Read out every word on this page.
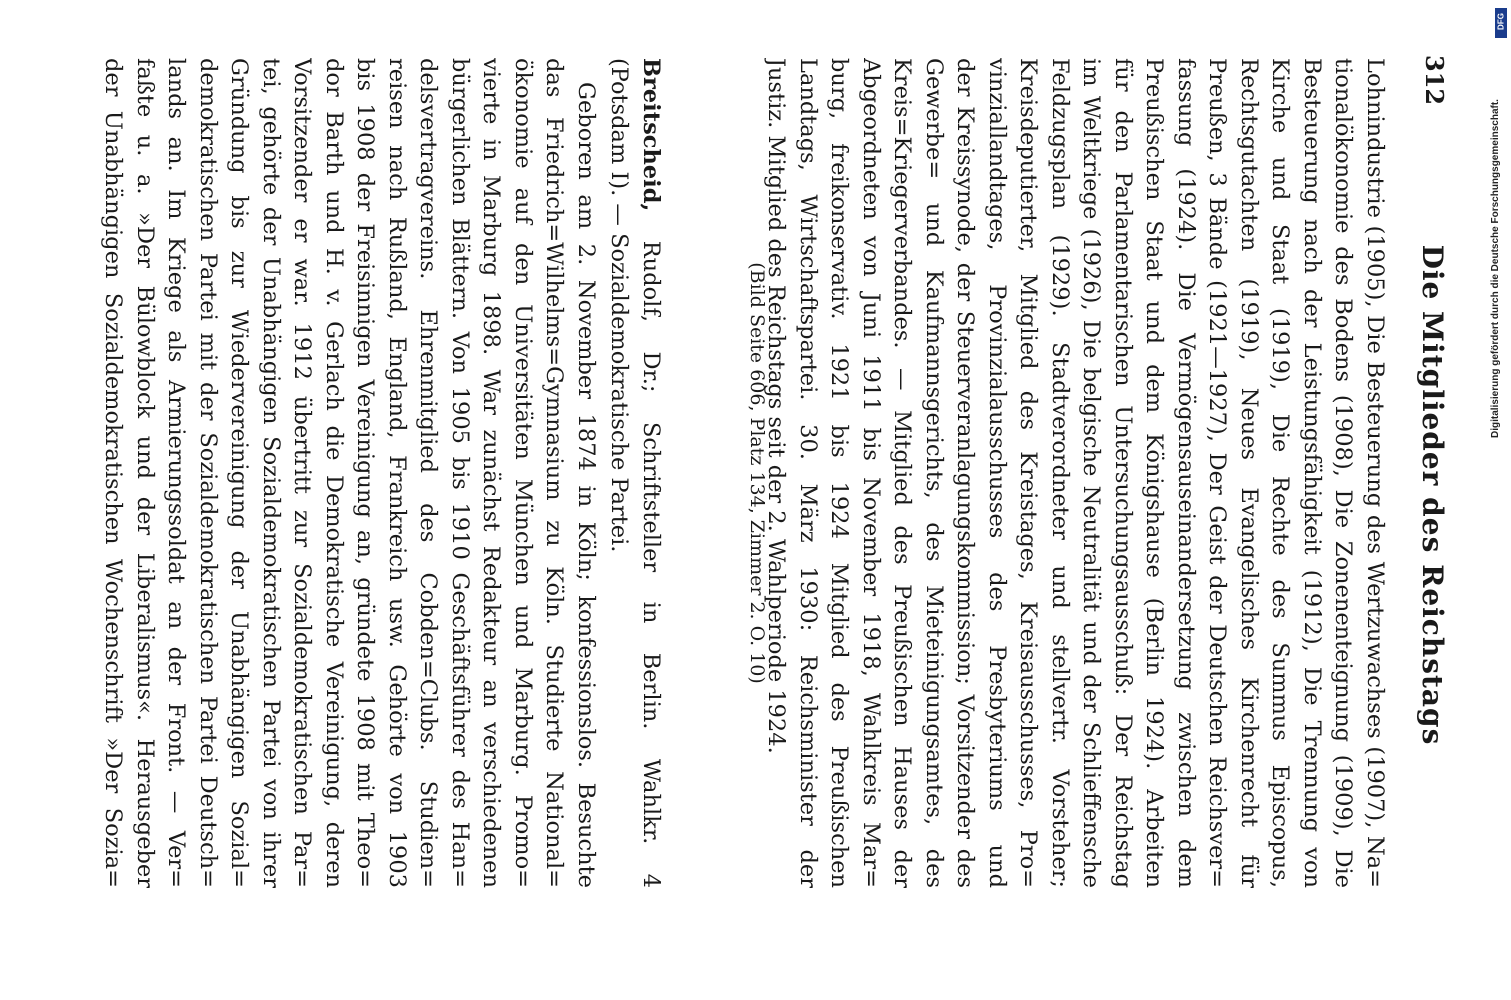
312
Die Mitglieder des Reichstags
Lohnindustrie (1905), Die Besteuerung des Wertzuwachses (1907), Na=
tionalökonomie des Bodens (1908), Die Zonenenteignung (1909), Die
Besteuerung nach der Leistungsfähigkeit (1912), Die Trennung von
Kirche und Staat (1919), Die Rechte des Summus Episcopus,
Rechtsgutachten (1919), Neues Evangelisches Kirchenrecht für
Preußen, 3 Bände (1921—1927), Der Geist der Deutschen Reichsver=
fassung (1924). Die Vermögensauseinandersetzung zwischen dem
Preußischen Staat und dem Königshause (Berlin 1924). Arbeiten
für den Parlamentarischen Untersuchungsausschuß: Der Reichstag
im Weltkriege (1926), Die belgische Neutralität und der Schlieffensche
Feldzugsplan (1929). Stadtverordneter und stellvertr. Vorsteher;
Kreisdeputierter, Mitglied des Kreistages, Kreisausschusses, Pro=
vinziallandtages, Provinzialausschusses des Presbyteriums und
der Kreissynode, der Steuerveranlagungskommission; Vorsitzender des
Gewerbe= und Kaufmannsgerichts, des Mieteinigungsamtes, des
Kreis=Kriegerverbandes. — Mitglied des Preußischen Hauses der
Abgeordneten von Juni 1911 bis November 1918, Wahlkreis Mar=
burg, freikonservativ. 1921 bis 1924 Mitglied des Preußischen
Landtags, Wirtschaftspartei. 30. März 1930: Reichsminister der
Justiz. Mitglied des Reichstags seit der 2. Wahlperiode 1924.
(Bild Seite 606, Platz 134, Zimmer 2. O. 10)
Breitscheid, Rudolf, Dr.; Schriftsteller in Berlin. Wahlkr. 4
(Potsdam I). — Sozialdemokratische Partei.
Geboren am 2. November 1874 in Köln; konfessionslos. Besuchte
das Friedrich=Wilhelms=Gymnasium zu Köln. Studierte National=
ökonomie auf den Universitäten München und Marburg. Promo=
vierte in Marburg 1898. War zunächst Redakteur an verschiedenen
bürgerlichen Blättern. Von 1905 bis 1910 Geschäftsführer des Han=
delsvertragvereins. Ehrenmitglied des Cobden=Clubs. Studien=
reisen nach Rußland, England, Frankreich usw. Gehörte von 1903
bis 1908 der Freisinnigen Vereinigung an, gründete 1908 mit Theo=
dor Barth und H. v. Gerlach die Demokratische Vereinigung, deren
Vorsitzender er war. 1912 übertritt zur Sozialdemokratischen Par=
tei, gehörte der Unabhängigen Sozialdemokratischen Partei von ihrer
Gründung bis zur Wiedervereinigung der Unabhängigen Sozial=
demokratischen Partei mit der Sozialdemokratischen Partei Deutsch=
lands an. Im Kriege als Armierungssoldat an der Front. — Ver=
faßte u. a. »Der Bülowblock und der Liberalismus«. Herausgeber
der Unabhängigen Sozialdemokratischen Wochenschrift »Der Sozia=	Digitalisierung gefördert durch die Deutsche Forschungsgemeinschaft.
DFG
